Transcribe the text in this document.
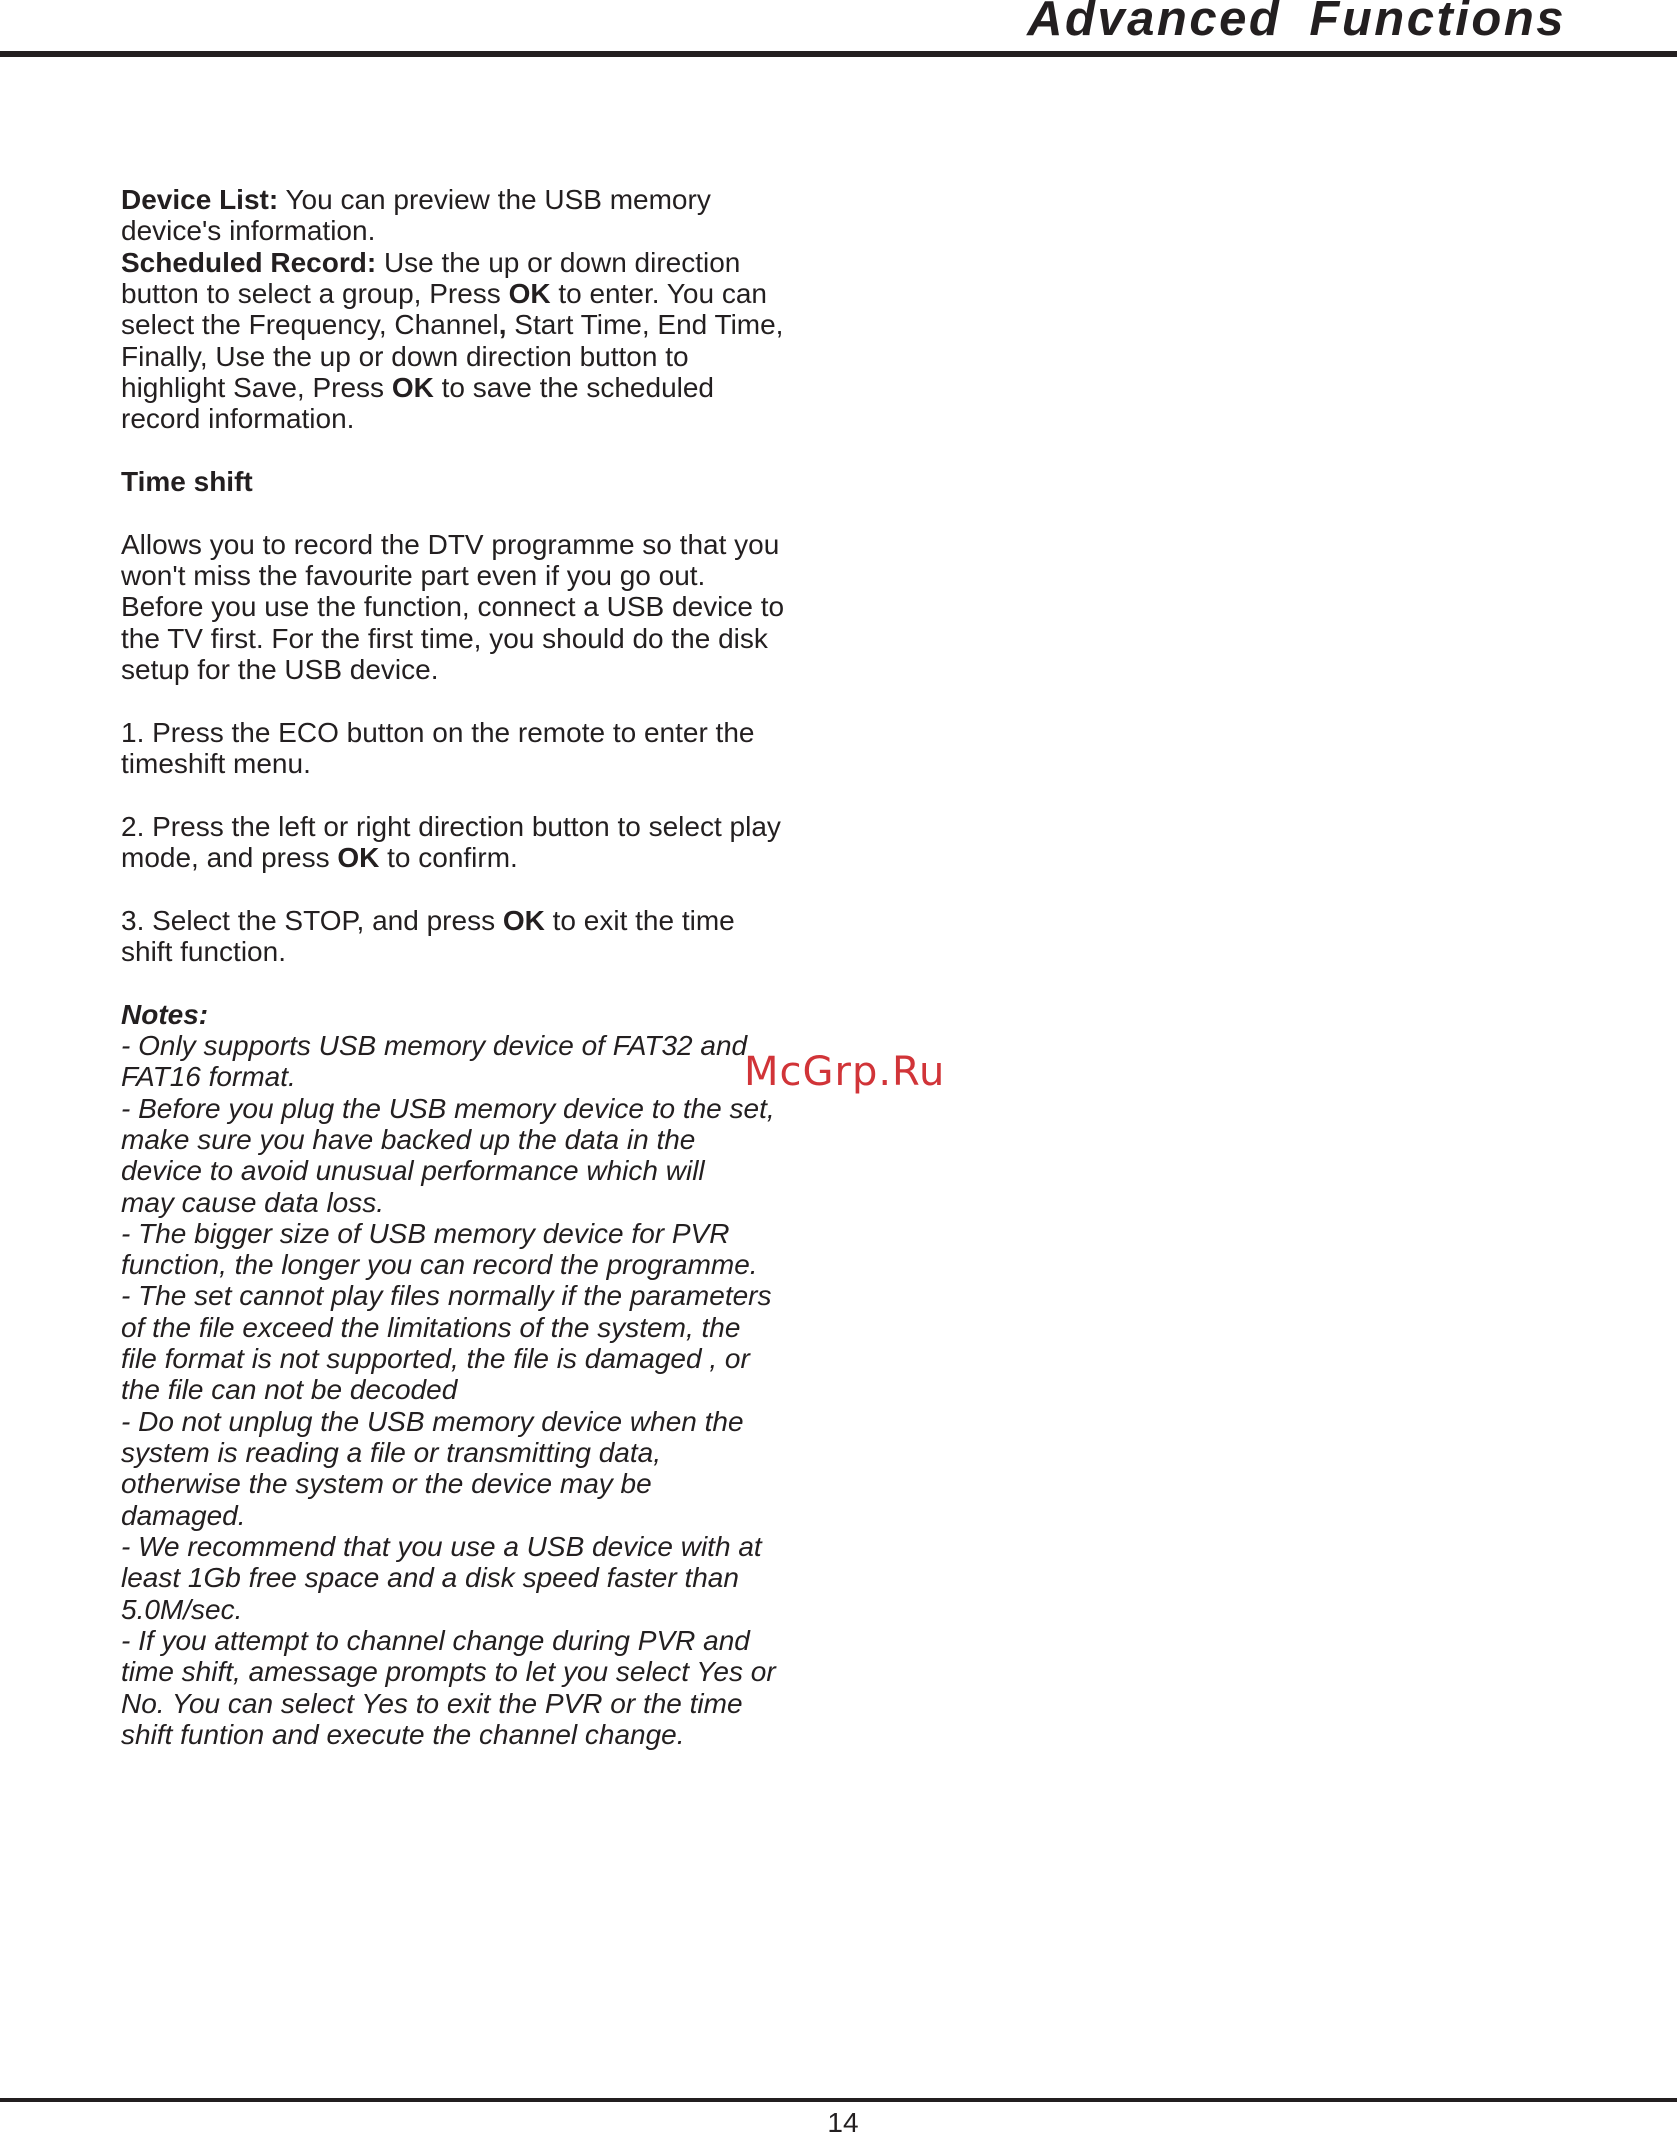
Advanced Functions
Device List: You can preview the USB memory
device's information.
Scheduled Record: Use the up or down direction
button to select a group, Press OK to enter. You can
select the Frequency, Channel, Start Time, End Time,
Finally, Use the up or down direction button to
highlight Save, Press OK to save the scheduled
record information.
Time shift
Allows you to record the DTV programme so that you
won't miss the favourite part even if you go out.
Before you use the function, connect a USB device to
the TV first. For the first time, you should do the disk
setup for the USB device.
1. Press the ECO button on the remote to enter the
timeshift menu.
2. Press the left or right direction button to select play
mode, and press OK to confirm.
3. Select the STOP, and press OK to exit the time
shift function.
Notes:
- Only supports USB memory device of FAT32 and
FAT16 format.
- Before you plug the USB memory device to the set,
make sure you have backed up the data in the
device to avoid unusual performance which will
may cause data loss.
- The bigger size of USB memory device for PVR
function, the longer you can record the programme.
- The set cannot play files normally if the parameters
of the file exceed the limitations of the system, the
file format is not supported, the file is damaged , or
the file can not be decoded
- Do not unplug the USB memory device when the
system is reading a file or transmitting data,
otherwise the system or the device may be
damaged.
- We recommend that you use a USB device with at
least 1Gb free space and a disk speed faster than
5.0M/sec.
- If you attempt to channel change during PVR and
time shift, amessage prompts to let you select Yes or
No. You can select Yes to exit the PVR or the time
shift funtion and execute the channel change.
McGrp.Ru
14
